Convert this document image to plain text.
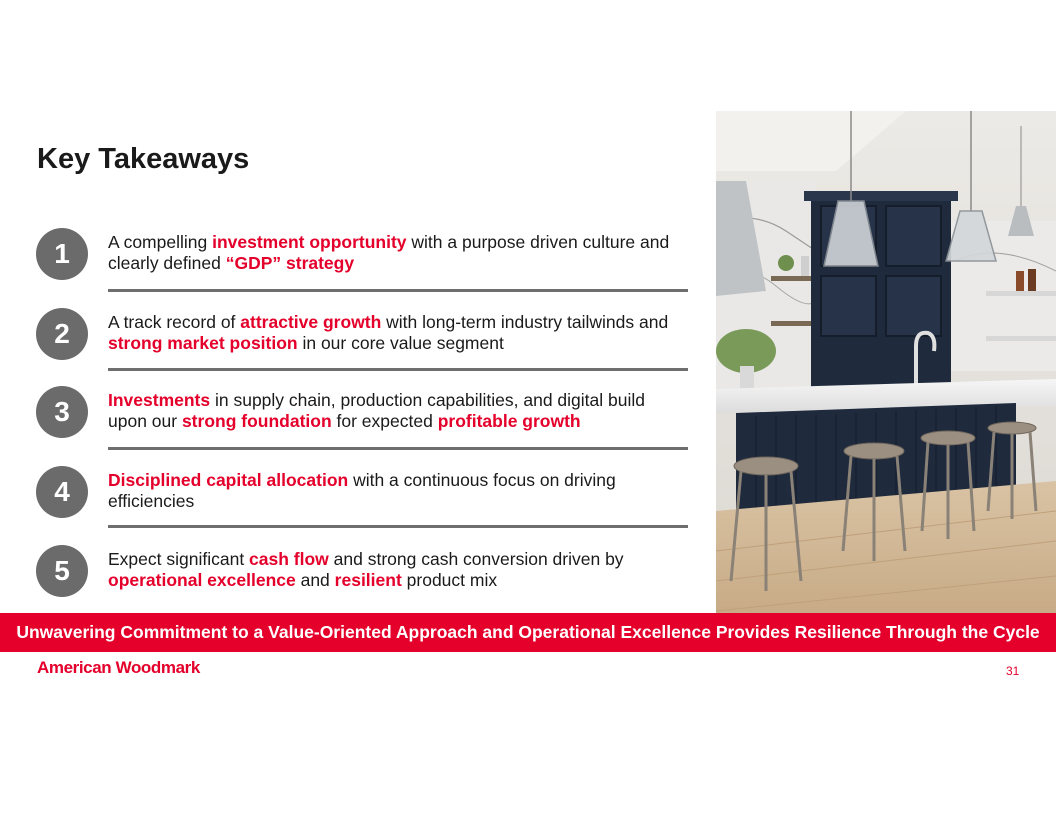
Key Takeaways
1	A compelling investment opportunity with a purpose driven culture and
clearly defined “GDP” strategy
2	A track record of attractive growth with long-term industry tailwinds and
strong market position in our core value segment
3	Investments in supply chain, production capabilities, and digital build
upon our strong foundation for expected profitable growth
4	Disciplined capital allocation with a continuous focus on driving
efficiencies
5	Expect significant cash flow and strong cash conversion driven by
operational excellence and resilient product mix
Unwavering Commitment to a Value-Oriented Approach and Operational Excellence Provides Resilience Through the Cycle
American Woodmark	31
